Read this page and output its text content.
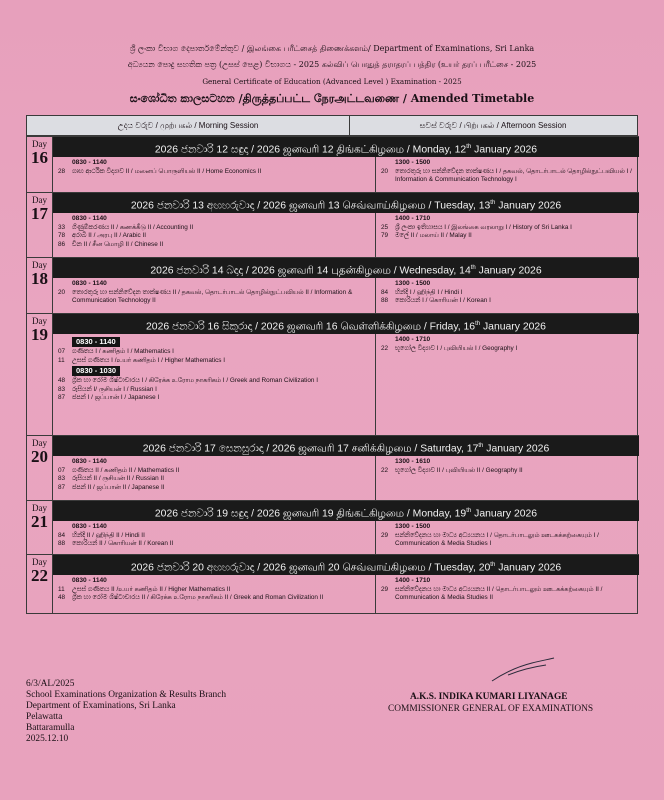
ශ්‍රී ලංකා විභාග දෙපාර්තමේන්තුව / இலங்கை பரீட்சைத் திணைக்களம்/ Department of Examinations, Sri Lanka
අධ්‍යයන පොදු සහතික පත්‍ර (උසස් පෙළ) විභාගය - 2025 கல்விப் பொதுத் தராதரப் பத்திர (உயர் தரப் பரீட்சை - 2025
General Certificate of Education (Advanced Level ) Examination - 2025
සංශෝධිත කාලසටහන /திருத்தப்பட்ட நேரஅட்டவணை / Amended Timetable
උදය වරුව / முற்பகல் / Morning Session	සවස් වරුව / பிற்பகல் / Afternoon Session
Day
16	2026 ජනවාරි 12 සඳුදා / 2026 ஜனவரி 12 திங்கட்கிழமை / Monday, 12th January 2026
0830 - 1140
28	ගෘහ ආර්ථික විද්‍යාව II / மனைப் பொருளியல் II / Home Economics II
1300 - 1500
20	තොරතුරු හා සන්නිවේදන තාක්ෂණය I / தகவல், தொடர்பாடல் தொழில்நுட்பவியல் I / Information & Communication Technology I
Day
17	2026 ජනවාරි 13 අඟහරුවාදා / 2026 ஜனவரி 13 செவ்வாய்கிழமை / Tuesday, 13th January 2026
0830 - 1140
33	ගිණුම්කරණය II / கணக்கீடு II / Accounting II
78	අරාබි II / அரபு II / Arabic II
86	චීන II / சீன மொழி II / Chinese II
1400 - 1710
25	ශ්‍රී ලංකා ඉතිහාසය I / இலங்கை வரலாறு I / History of Sri Lanka I
79	මලේ II / மலாய் II / Malay II
Day
18	2026 ජනවාරි 14 බදාදා / 2026 ஜனவரி 14 புதன்கிழமை / Wednesday, 14th January 2026
0830 - 1140
20	තොරතුරු හා සන්නිවේදන තාක්ෂණය II / தகவல், தொடர்பாடல் தொழில்நுட்பவியல் II / Information & Communication Technology II
1300 - 1500
84	හින්දි I / ஹிந்தி I / Hindi I
88	කොරියන් I / கொரியன் I / Korean I
Day
19	2026 ජනවාරි 16 සිකුරාදා / 2026 ஜனவரி 16 வெள்ளிக்கிழமை / Friday, 16th January 2026
0830 - 1140

07	ගණිතය I / கணிதம் I / Mathematics I
11	උසස් ගණිතය I /உயர் கணிதம் I / Higher Mathematics I
0830 - 1030

48	ග්‍රීක හා රෝම ශිෂ්ටාචාරය I / கிரேக்க உரோம நாகரிகம் I / Greek and Roman Civilization I
83	රුසියන් I/ ருசியன் I / Russian I
87	ජපන් I / ஜப்பான் I / Japanese I
1400 - 1710
22	භූගෝල විද්‍යාව I / புவியியல் I / Geography I
Day
20	2026 ජනවාරි 17 සෙනසුරාදා / 2026 ஜனவரி 17 சனிக்கிழமை / Saturday, 17th January 2026
0830 - 1140
07	ගණිතය II / கணிதம் II / Mathematics II
83	රුසියන් II / ருசியன் II / Russian II
87	ජපන් II / ஜப்பான் II / Japanese II
1300 - 1610
22	භූගෝල විද්‍යාව II / புவியியல் II / Geography II
Day
21	2026 ජනවාරි 19 සඳුදා / 2026 ஜனவரி 19 திங்கட்கிழமை / Monday, 19th January 2026
0830 - 1140
84	හින්දි II / ஹிந்தி II / Hindi II
88	කොරියන් II / கொரியன் II / Korean II
1300 - 1500
29	සන්නිවේදනය හා මාධ්‍ය අධ්‍යයනය I / தொடர்பாடலும் ஊடகக்கற்கையும் I / Communication & Media Studies I
Day
22	2026 ජනවාරි 20 අඟහරුවාදා / 2026 ஜனவரி 20 செவ்வாய்கிழமை / Tuesday, 20th January 2026
0830 - 1140
11	උසස් ගණිතය II /உயர் கணிதம் II / Higher Mathematics II
48	ග්‍රීක හා රෝම ශිෂ්ටාචාරය II / கிரேக்க உரோம நாகரிகம் II / Greek and Roman Civilization II
1400 - 1710
29	සන්නිවේදනය හා මාධ්‍ය අධ්‍යයනය II / தொடர்பாடலும் ஊடகக்கற்கையும் II / Communication & Media Studies II
6/3/AL/2025
School Examinations Organization & Results Branch
Department of Examinations, Sri Lanka
Pelawatta
Battaramulla
2025.12.10
A.K.S. INDIKA KUMARI LIYANAGE
COMMISSIONER GENERAL OF EXAMINATIONS
